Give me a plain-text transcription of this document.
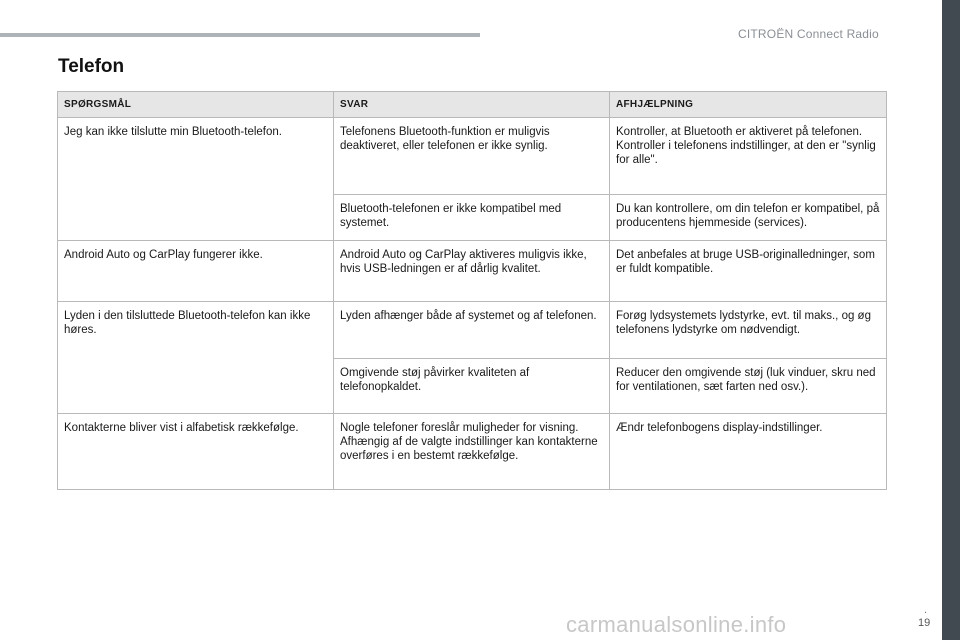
CITROËN Connect Radio
Telefon
SPØRGSMÅL	SVAR	AFHJÆLPNING
Jeg kan ikke tilslutte min Bluetooth-telefon.	Telefonens Bluetooth-funktion er muligvis deaktiveret, eller telefonen er ikke synlig.	Kontroller, at Bluetooth er aktiveret på telefonen. Kontroller i telefonens indstillinger, at den er "synlig for alle".
	Bluetooth-telefonen er ikke kompatibel med systemet.	Du kan kontrollere, om din telefon er kompatibel, på producentens hjemmeside (services).
Android Auto og CarPlay fungerer ikke.	Android Auto og CarPlay aktiveres muligvis ikke, hvis USB-ledningen er af dårlig kvalitet.	Det anbefales at bruge USB-originalledninger, som er fuldt kompatible.
Lyden i den tilsluttede Bluetooth-telefon kan ikke høres.	Lyden afhænger både af systemet og af telefonen.	Forøg lydsystemets lydstyrke, evt. til maks., og øg telefonens lydstyrke om nødvendigt.
	Omgivende støj påvirker kvaliteten af telefonopkaldet.	Reducer den omgivende støj (luk vinduer, skru ned for ventilationen, sæt farten ned osv.).
Kontakterne bliver vist i alfabetisk rækkefølge.	Nogle telefoner foreslår muligheder for visning. Afhængig af de valgte indstillinger kan kontakterne overføres i en bestemt rækkefølge.	Ændr telefonbogens display-indstillinger.
.
19
carmanualsonline.info
